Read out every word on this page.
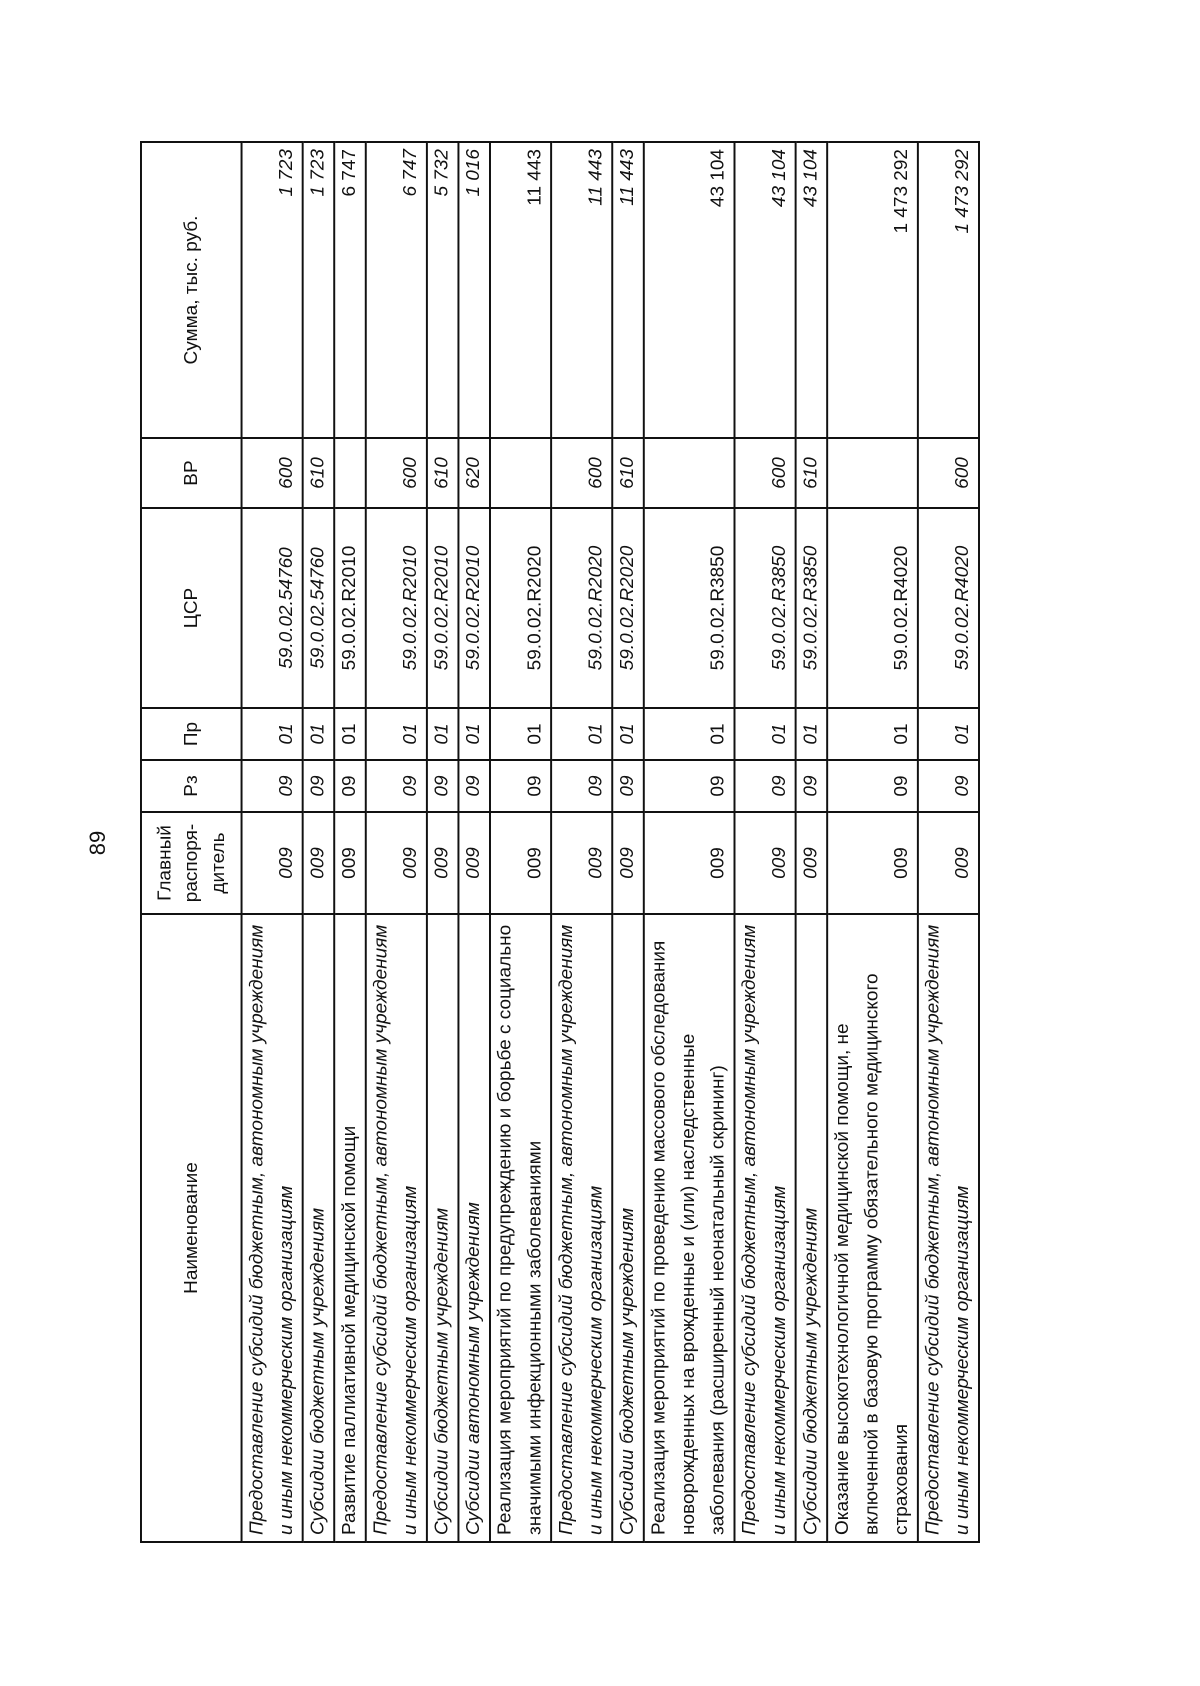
89
Наименование	Главный распоря-дитель	Рз	Пр	ЦСР	ВР	Сумма, тыс. руб.
Предоставление субсидий бюджетным, автономным учреждениям и иным некоммерческим организациям	009	09	01	59.0.02.54760	600	1 723
Субсидии бюджетным учреждениям	009	09	01	59.0.02.54760	610	1 723
Развитие паллиативной медицинской помощи	009	09	01	59.0.02.R2010		6 747
Предоставление субсидий бюджетным, автономным учреждениям и иным некоммерческим организациям	009	09	01	59.0.02.R2010	600	6 747
Субсидии бюджетным учреждениям	009	09	01	59.0.02.R2010	610	5 732
Субсидии автономным учреждениям	009	09	01	59.0.02.R2010	620	1 016
Реализация мероприятий по предупреждению и борьбе с социально значимыми инфекционными заболеваниями	009	09	01	59.0.02.R2020		11 443
Предоставление субсидий бюджетным, автономным учреждениям и иным некоммерческим организациям	009	09	01	59.0.02.R2020	600	11 443
Субсидии бюджетным учреждениям	009	09	01	59.0.02.R2020	610	11 443
Реализация мероприятий по проведению массового обследования новорожденных на врожденные и (или) наследственные заболевания (расширенный неонатальный скрининг)	009	09	01	59.0.02.R3850		43 104
Предоставление субсидий бюджетным, автономным учреждениям и иным некоммерческим организациям	009	09	01	59.0.02.R3850	600	43 104
Субсидии бюджетным учреждениям	009	09	01	59.0.02.R3850	610	43 104
Оказание высокотехнологичной медицинской помощи, не включенной в базовую программу обязательного медицинского страхования	009	09	01	59.0.02.R4020		1 473 292
Предоставление субсидий бюджетным, автономным учреждениям и иным некоммерческим организациям	009	09	01	59.0.02.R4020	600	1 473 292
